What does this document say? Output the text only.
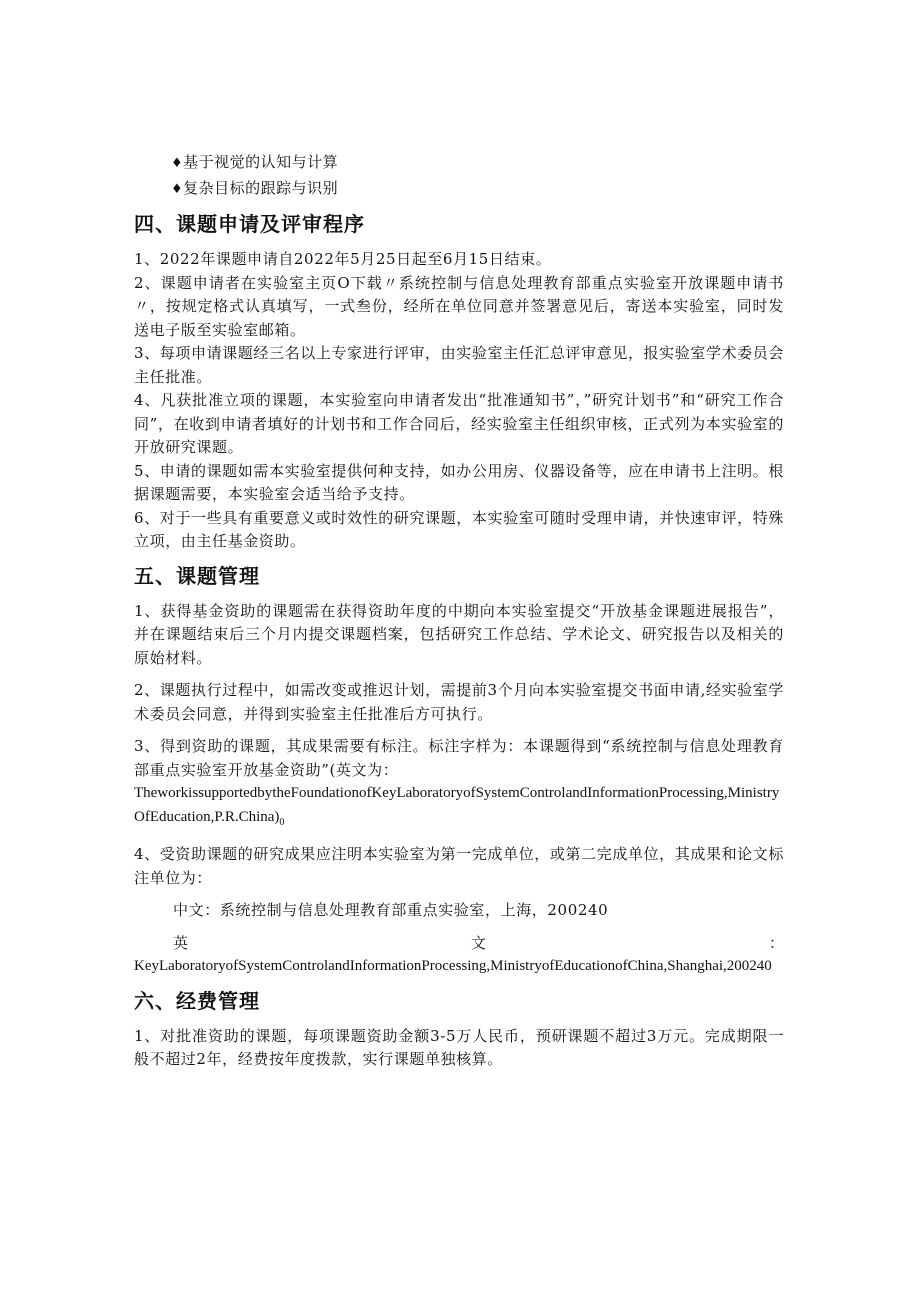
♦基于视觉的认知与计算
♦复杂目标的跟踪与识别
四、课题申请及评审程序

1、2022年课题申请自2022年5月25日起至6月15日结束。

2、课题申请者在实验室主页O下载〃系统控制与信息处理教育部重点实验室开放课题申请书〃，按规定格式认真填写，一式叁份，经所在单位同意并签署意见后，寄送本实验室，同时发送电子版至实验室邮箱。

3、每项申请课题经三名以上专家进行评审，由实验室主任汇总评审意见，报实验室学术委员会主任批准。

4、凡获批准立项的课题，本实验室向申请者发出“批准通知书”，”研究计划书”和“研究工作合同”，在收到申请者填好的计划书和工作合同后，经实验室主任组织审核，正式列为本实验室的开放研究课题。

5、申请的课题如需本实验室提供何种支持，如办公用房、仪器设备等，应在申请书上注明。根据课题需要，本实验室会适当给予支持。

6、对于一些具有重要意义或时效性的研究课题，本实验室可随时受理申请，并快速审评，特殊立项，由主任基金资助。

五、课题管理

1、获得基金资助的课题需在获得资助年度的中期向本实验室提交“开放基金课题进展报告”，并在课题结束后三个月内提交课题档案，包括研究工作总结、学术论文、研究报告以及相关的原始材料。

2、课题执行过程中，如需改变或推迟计划，需提前3个月向本实验室提交书面申请,经实验室学术委员会同意，并得到实验室主任批准后方可执行。

3、得到资助的课题，其成果需要有标注。标注字样为：本课题得到“系统控制与信息处理教育部重点实验室开放基金资助”(英文为：

$TheworkissupportedbytheFoundationofKeyLaboratoryofSystemControlandInformationProcessing,MinistryOfEducation,P.R.China)_0$

4、受资助课题的研究成果应注明本实验室为第一完成单位，或第二完成单位，其成果和论文标注单位为：

中文：系统控制与信息处理教育部重点实验室，上海，200240

英	文	：

KeyLaboratoryofSystemControlandInformationProcessing,MinistryofEducationofChina,Shanghai,200240

六、经费管理

1、对批准资助的课题，每项课题资助金额3-5万人民币，预研课题不超过3万元。完成期限一般不超过2年，经费按年度拨款，实行课题单独核算。
